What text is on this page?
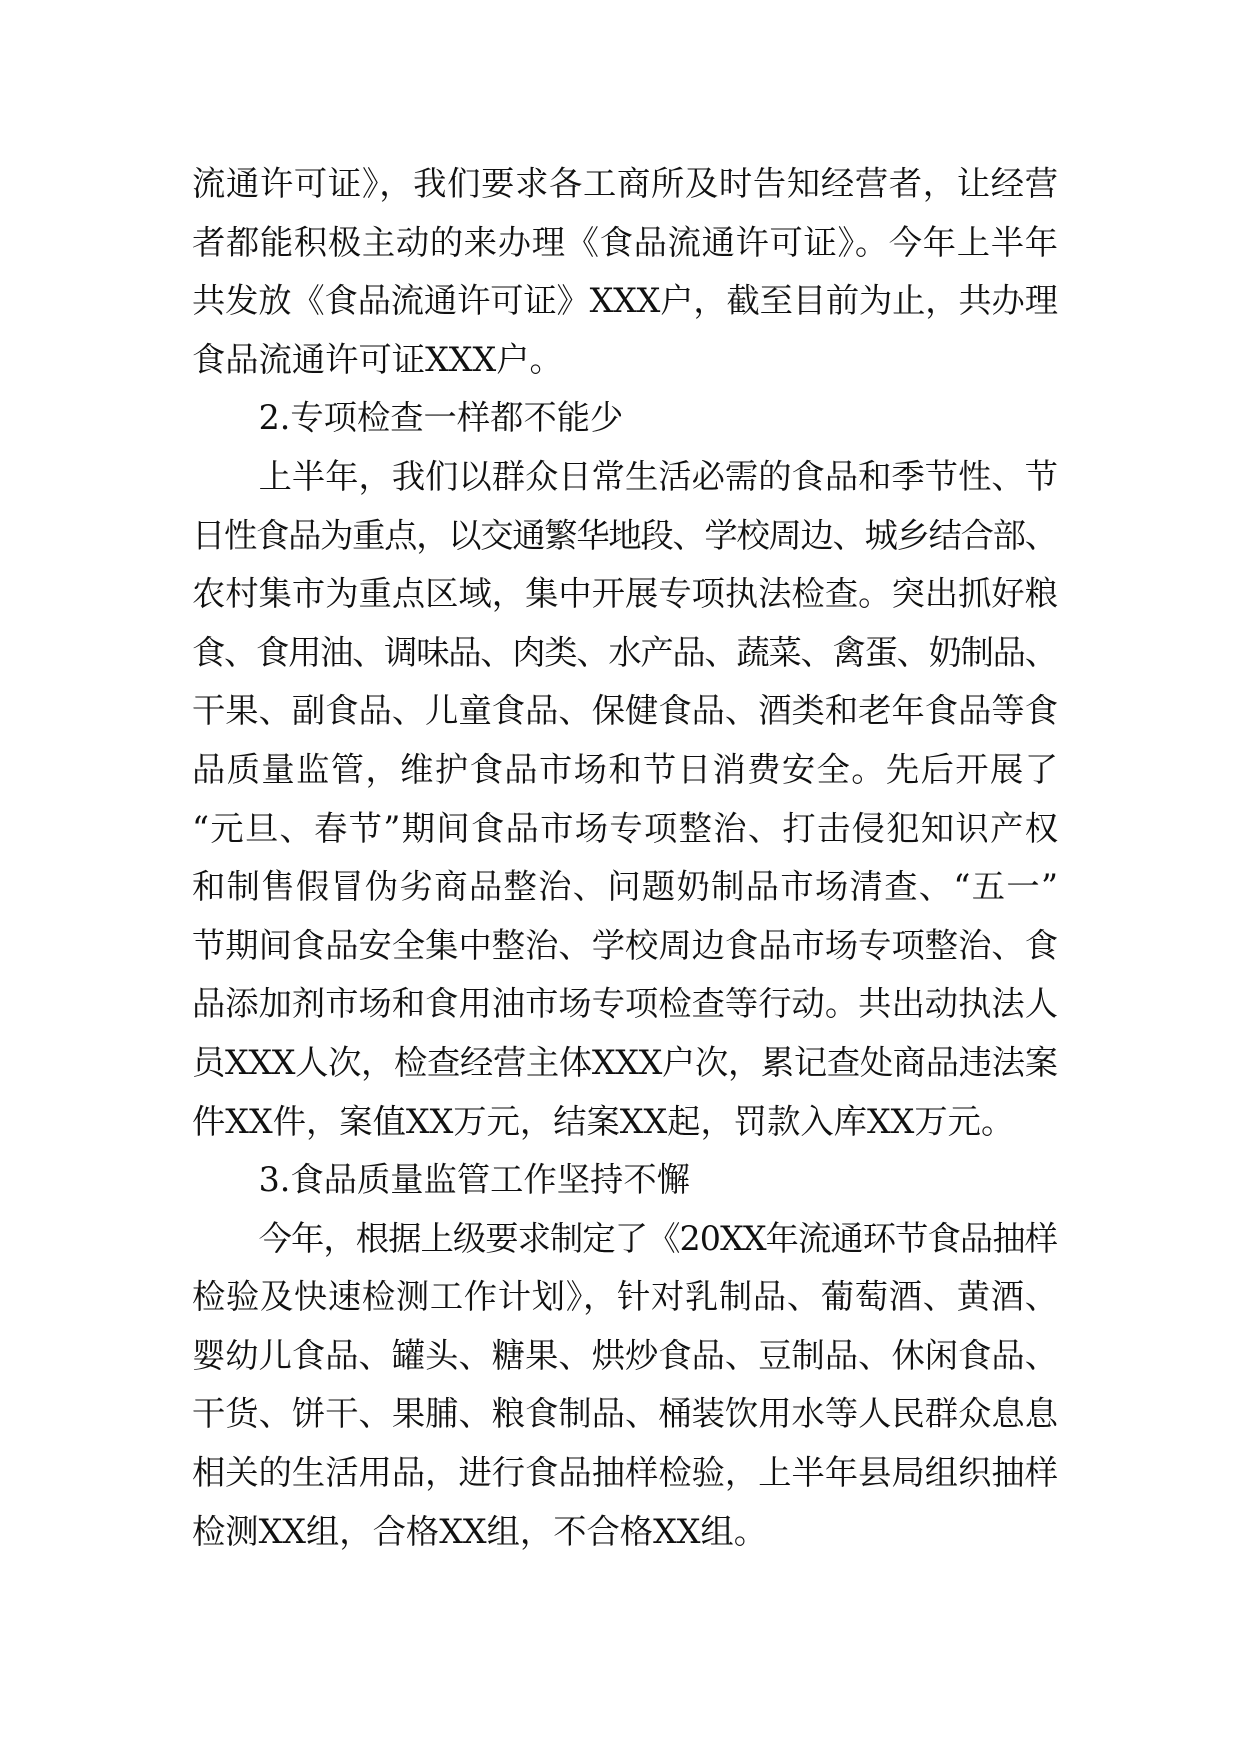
流通许可证》，我们要求各工商所及时告知经营者，让经营
者都能积极主动的来办理《食品流通许可证》。今年上半年
共发放《食品流通许可证》XXX户，截至目前为止，共办理
食品流通许可证XXX户。
2.专项检查一样都不能少
上半年，我们以群众日常生活必需的食品和季节性、节
日性食品为重点，以交通繁华地段、学校周边、城乡结合部、
农村集市为重点区域，集中开展专项执法检查。突出抓好粮
食、食用油、调味品、肉类、水产品、蔬菜、禽蛋、奶制品、
干果、副食品、儿童食品、保健食品、酒类和老年食品等食
品质量监管，维护食品市场和节日消费安全。先后开展了
“元旦、春节”期间食品市场专项整治、打击侵犯知识产权
和制售假冒伪劣商品整治、问题奶制品市场清查、“五一”
节期间食品安全集中整治、学校周边食品市场专项整治、食
品添加剂市场和食用油市场专项检查等行动。共出动执法人
员XXX人次，检查经营主体XXX户次，累记查处商品违法案
件XX件，案值XX万元，结案XX起，罚款入库XX万元。
3.食品质量监管工作坚持不懈
今年，根据上级要求制定了《20XX年流通环节食品抽样
检验及快速检测工作计划》，针对乳制品、葡萄酒、黄酒、
婴幼儿食品、罐头、糖果、烘炒食品、豆制品、休闲食品、
干货、饼干、果脯、粮食制品、桶装饮用水等人民群众息息
相关的生活用品，进行食品抽样检验，上半年县局组织抽样
检测XX组，合格XX组，不合格XX组。
